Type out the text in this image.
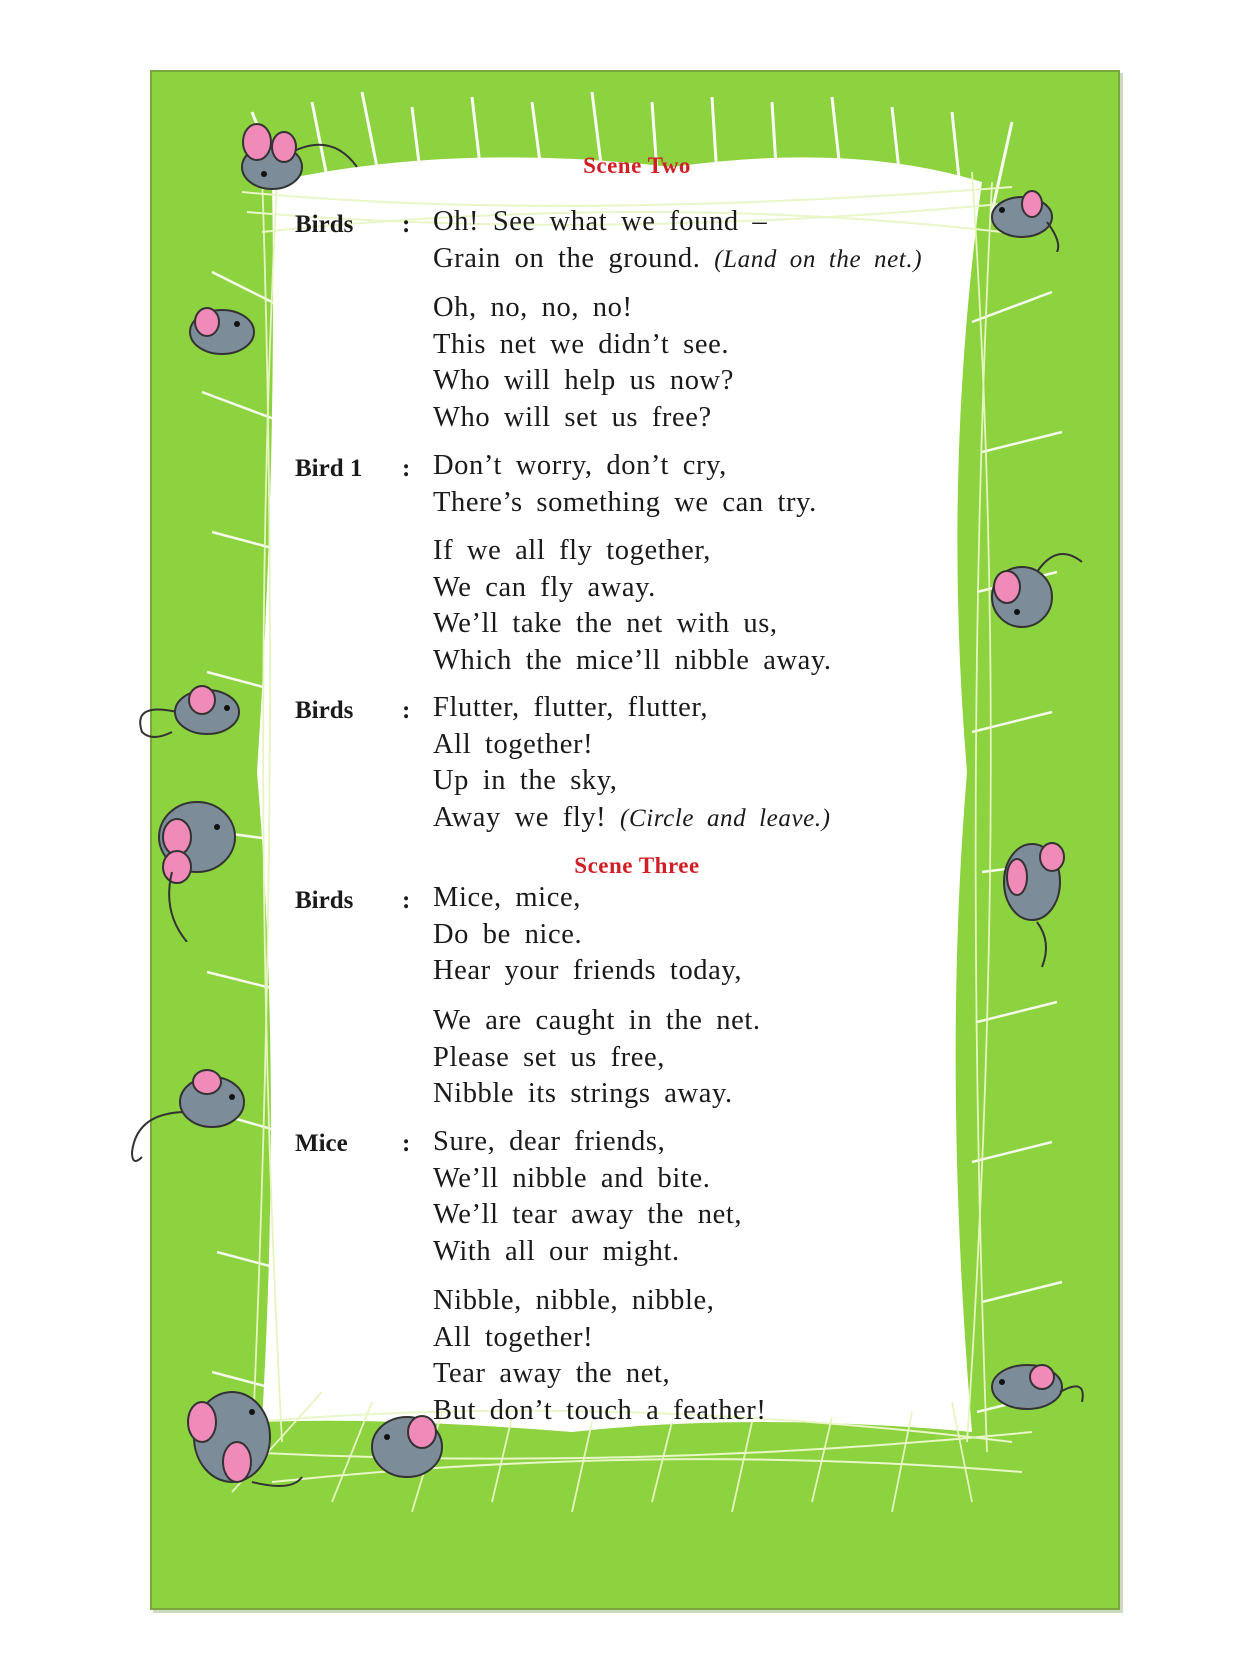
Scene Two
Birds : Oh! See what we found –
Grain on the ground. (Land on the net.)
Oh, no, no, no!
This net we didn’t see.
Who will help us now?
Who will set us free?
Bird 1 : Don’t worry, don’t cry,
There’s something we can try.
If we all fly together,
We can fly away.
We’ll take the net with us,
Which the mice’ll nibble away.
Birds : Flutter, flutter, flutter,
All together!
Up in the sky,
Away we fly! (Circle and leave.)
Scene Three
Birds : Mice, mice,
Do be nice.
Hear your friends today,
We are caught in the net.
Please set us free,
Nibble its strings away.
Mice : Sure, dear friends,
We’ll nibble and bite.
We’ll tear away the net,
With all our might.
Nibble, nibble, nibble,
All together!
Tear away the net,
But don’t touch a feather!
